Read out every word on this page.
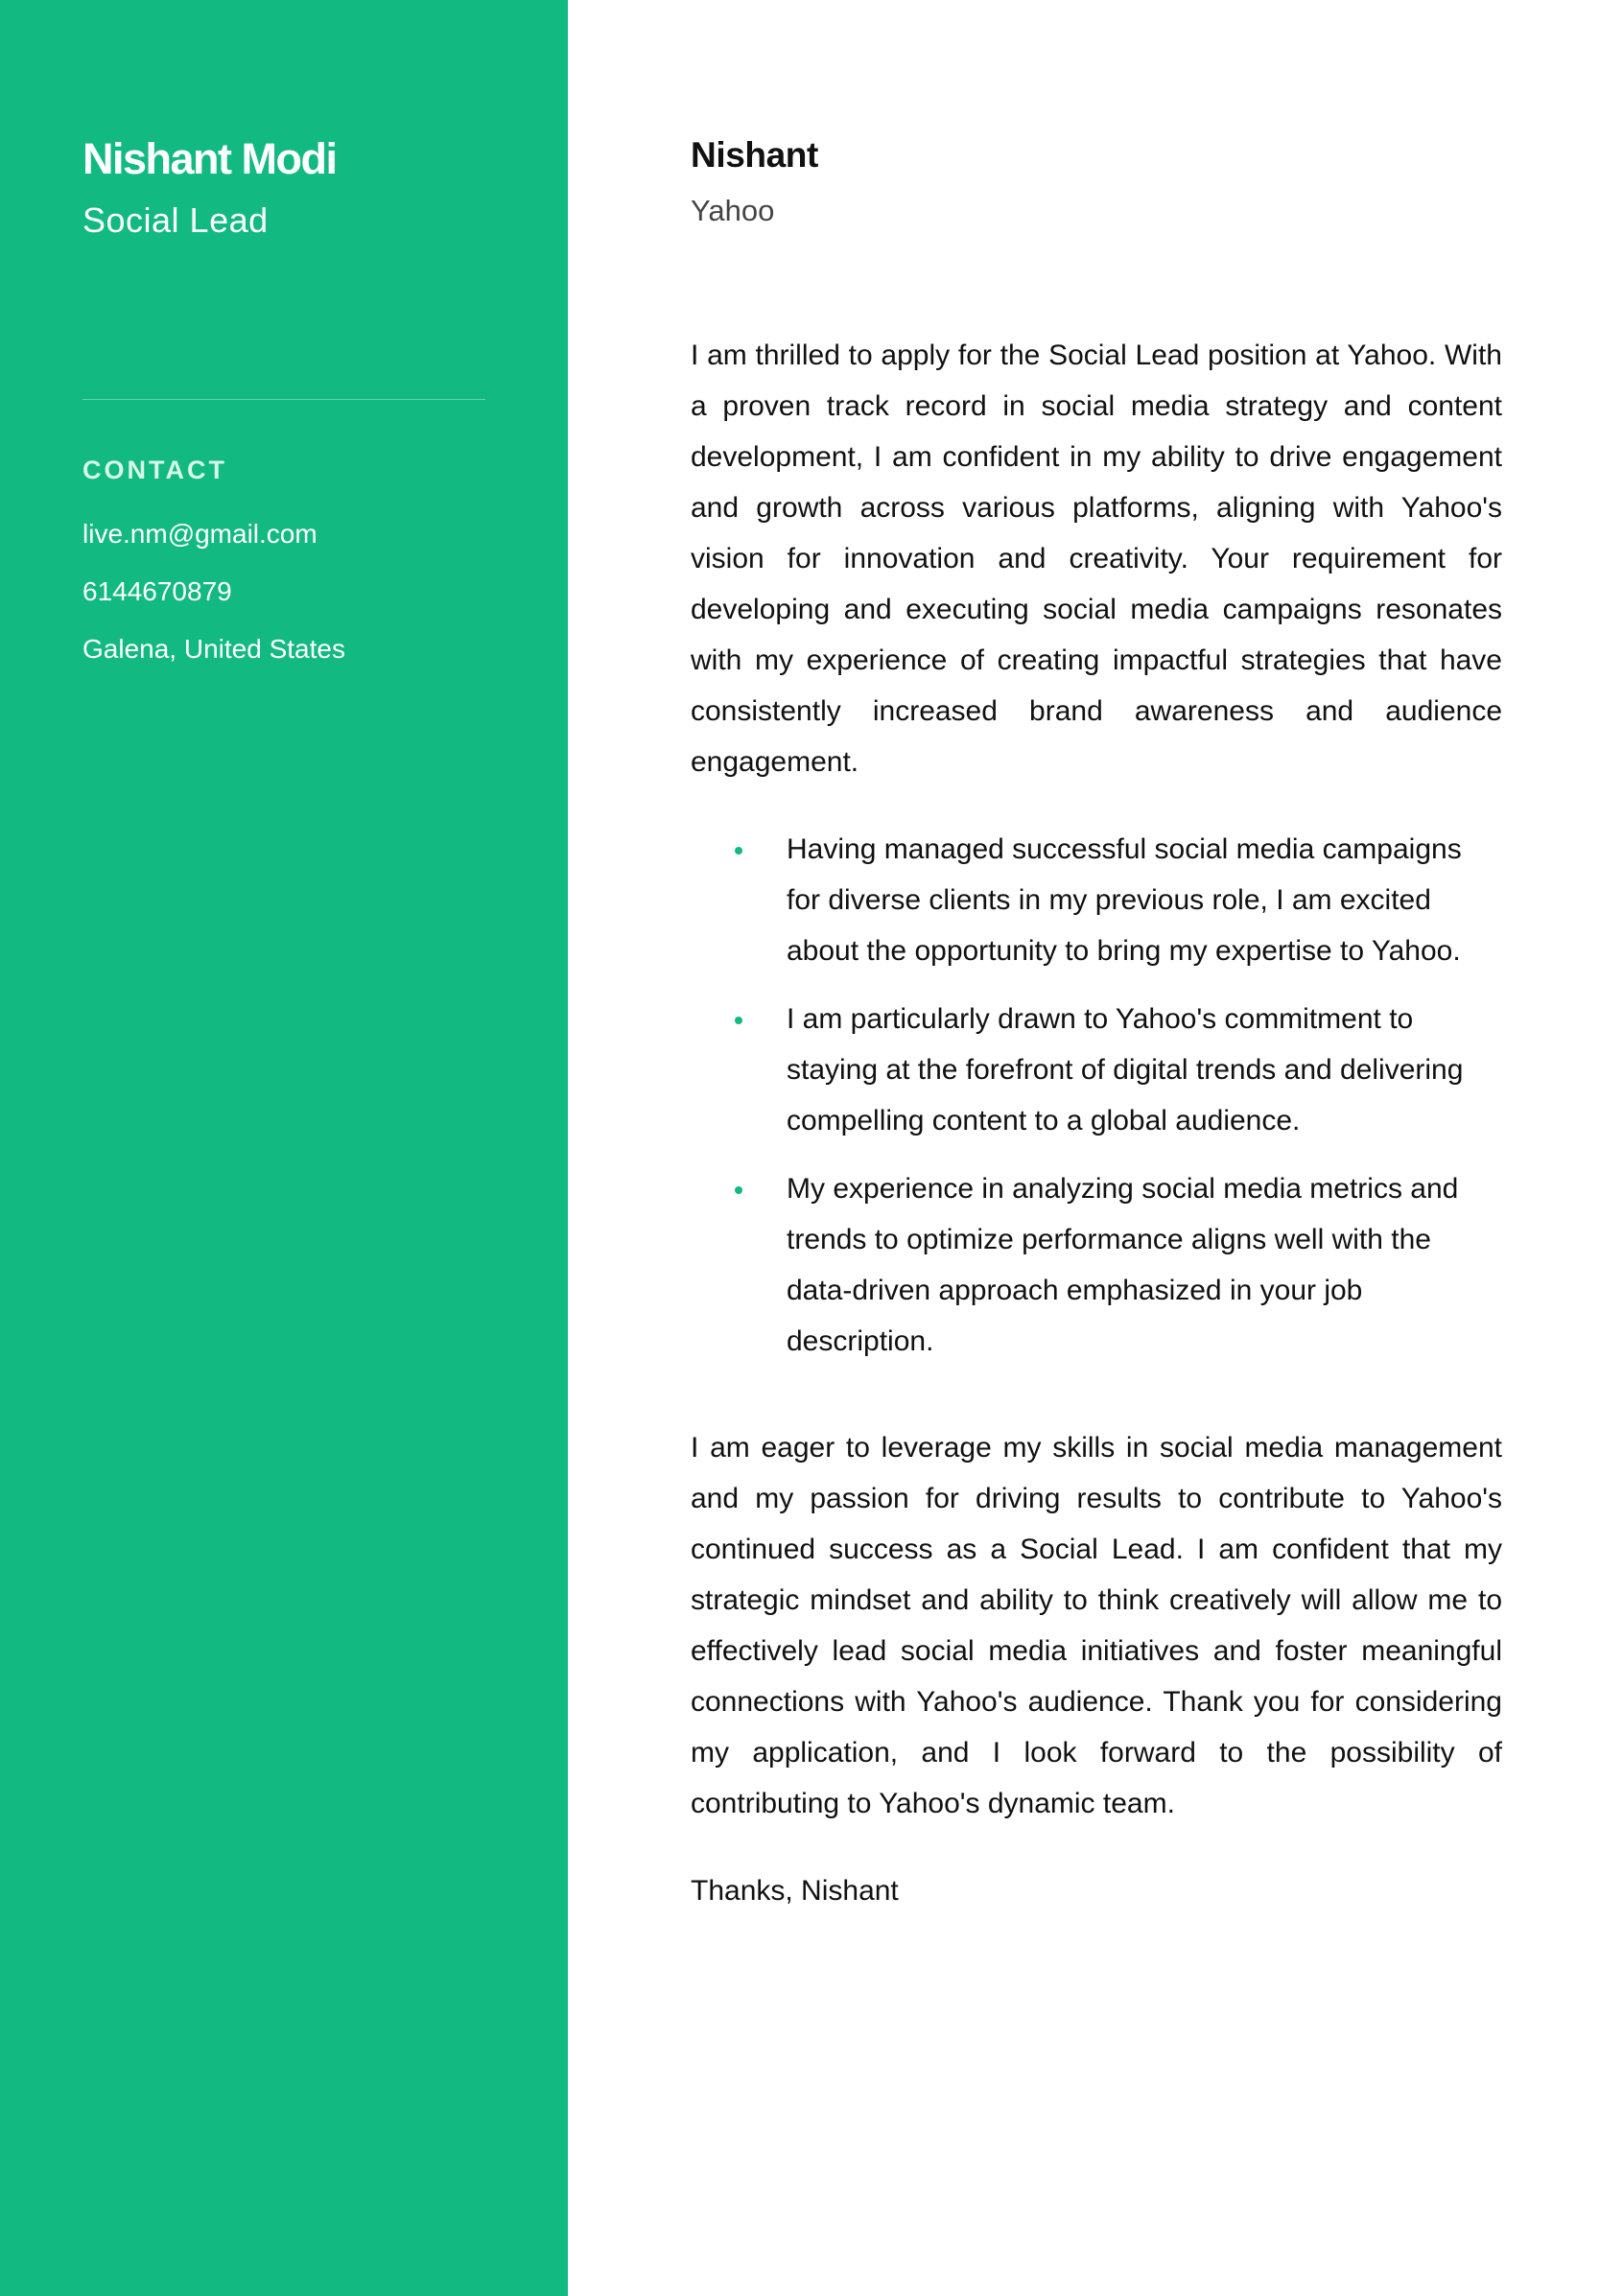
Nishant Modi
Social Lead
CONTACT
live.nm@gmail.com
6144670879
Galena, United States
Nishant
Yahoo

I am thrilled to apply for the Social Lead position at Yahoo. With a proven track record in social media strategy and content development, I am confident in my ability to drive engagement and growth across various platforms, aligning with Yahoo's vision for innovation and creativity. Your requirement for developing and executing social media campaigns resonates with my experience of creating impactful strategies that have consistently increased brand awareness and audience engagement.

Having managed successful social media campaigns for diverse clients in my previous role, I am excited about the opportunity to bring my expertise to Yahoo.
I am particularly drawn to Yahoo's commitment to staying at the forefront of digital trends and delivering compelling content to a global audience.
My experience in analyzing social media metrics and trends to optimize performance aligns well with the data-driven approach emphasized in your job description.

I am eager to leverage my skills in social media management and my passion for driving results to contribute to Yahoo's continued success as a Social Lead. I am confident that my strategic mindset and ability to think creatively will allow me to effectively lead social media initiatives and foster meaningful connections with Yahoo's audience. Thank you for considering my application, and I look forward to the possibility of contributing to Yahoo's dynamic team.

Thanks, Nishant
